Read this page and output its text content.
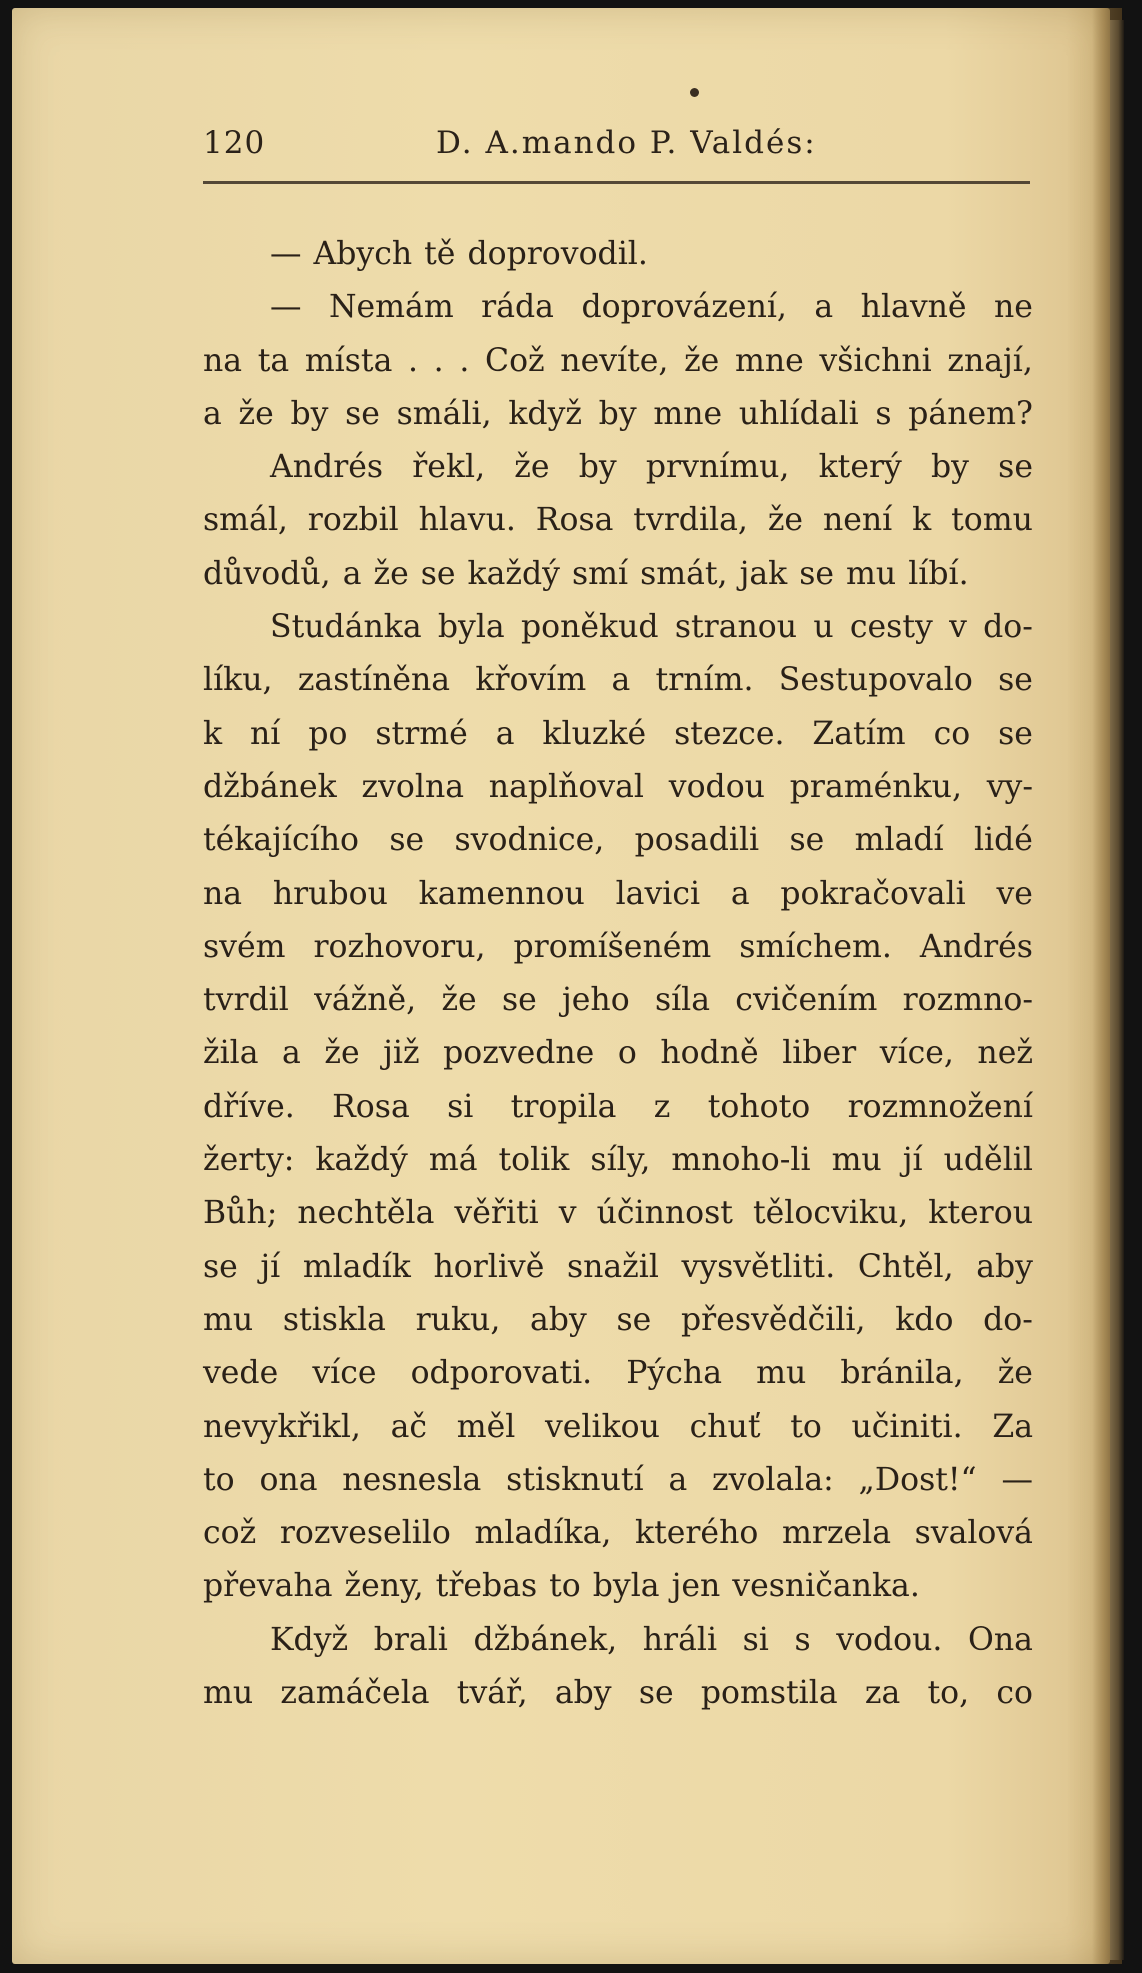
120	D. A.mando P. Valdés:
— Abych tě doprovodil.
— Nemám ráda doprovázení, a hlavně ne
na ta místa . . . Což nevíte, že mne všichni znají,
a že by se smáli, když by mne uhlídali s pánem?
Andrés řekl, že by prvnímu, který by se
smál, rozbil hlavu. Rosa tvrdila, že není k tomu
důvodů, a že se každý smí smát, jak se mu líbí.
Studánka byla poněkud stranou u cesty v do-
líku, zastíněna křovím a trním. Sestupovalo se
k ní po strmé a kluzké stezce. Zatím co se
džbánek zvolna naplňoval vodou praménku, vy-
tékajícího se svodnice, posadili se mladí lidé
na hrubou kamennou lavici a pokračovali ve
svém rozhovoru, promíšeném smíchem. Andrés
tvrdil vážně, že se jeho síla cvičením rozmno-
žila a že již pozvedne o hodně liber více, než
dříve. Rosa si tropila z tohoto rozmnožení
žerty: každý má tolik síly, mnoho-li mu jí udělil
Bůh; nechtěla věřiti v účinnost tělocviku, kterou
se jí mladík horlivě snažil vysvětliti. Chtěl, aby
mu stiskla ruku, aby se přesvědčili, kdo do-
vede více odporovati. Pýcha mu bránila, že
nevykřikl, ač měl velikou chuť to učiniti. Za
to ona nesnesla stisknutí a zvolala: „Dost!“ —
což rozveselilo mladíka, kterého mrzela svalová
převaha ženy, třebas to byla jen vesničanka.
Když brali džbánek, hráli si s vodou. Ona
mu zamáčela tvář, aby se pomstila za to, co
